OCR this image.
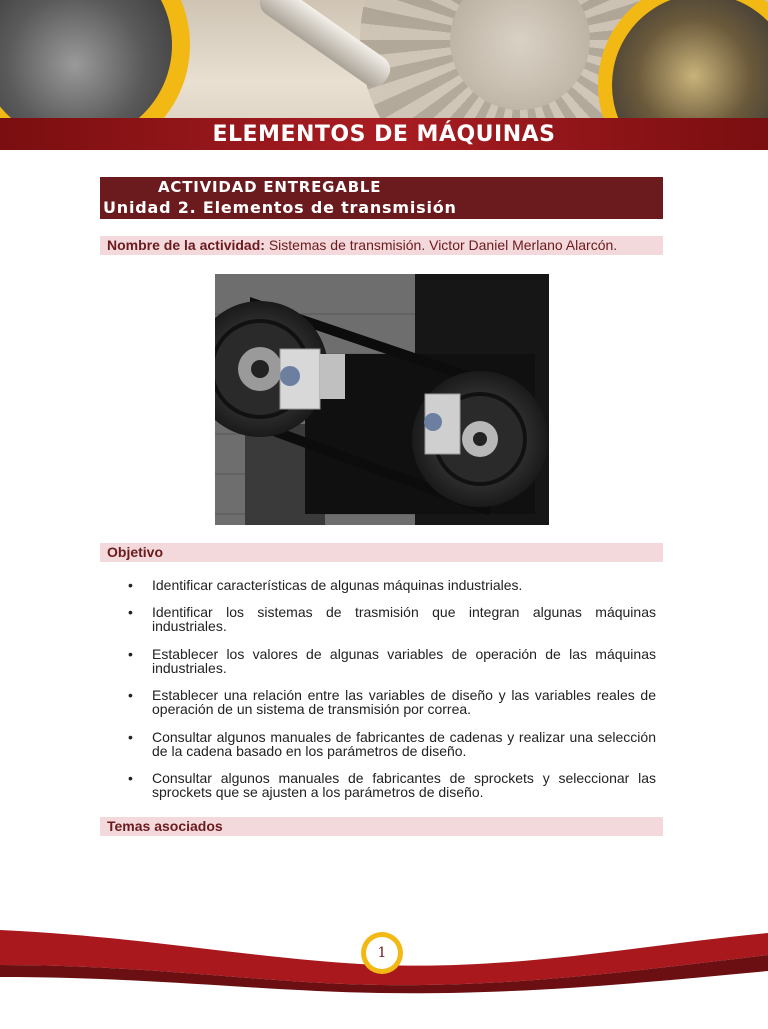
ELEMENTOS DE MÁQUINAS
ACTIVIDAD ENTREGABLE
Unidad 2. Elementos de transmisión
Nombre de la actividad: Sistemas de transmisión. Victor Daniel Merlano Alarcón.
Objetivo
•	Identificar características de algunas máquinas industriales.
•	Identificar los sistemas de trasmisión que integran algunas máquinas industriales.
•	Establecer los valores de algunas variables de operación de las máquinas industriales.
•	Establecer una relación entre las variables de diseño y las variables reales de operación de un sistema de transmisión por correa.
•	Consultar algunos manuales de fabricantes de cadenas y realizar una selección de la cadena basado en los parámetros de diseño.
•	Consultar algunos manuales de fabricantes de sprockets y seleccionar las sprockets que se ajusten a los parámetros de diseño.
Temas asociados
1
